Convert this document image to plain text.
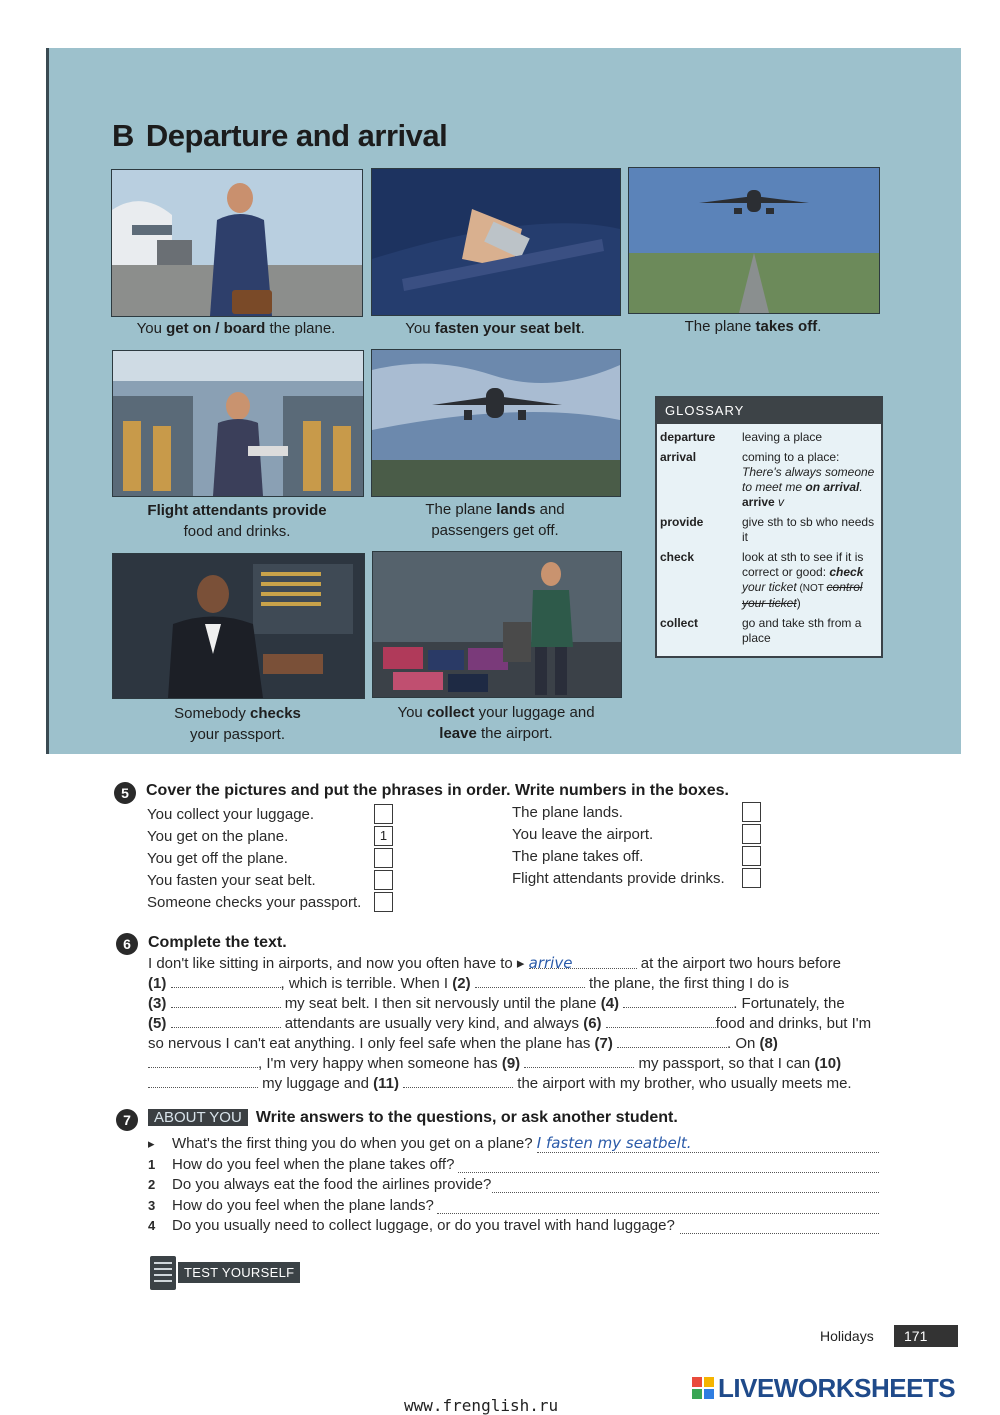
B Departure and arrival
You get on / board the plane.	You fasten your seat belt.	The plane takes off.
Flight attendants provide
food and drinks.
The plane lands and
passengers get off.
GLOSSARY
departure	leaving a place
arrival	coming to a place:
There's always someone to meet me on arrival.
arrive v
provide	give sth to sb who needs it
check	look at sth to see if it is correct or good: check your ticket (NOT control your ticket)
collect	go and take sth from a place
Somebody checks
your passport.
You collect your luggage and
leave the airport.
5	Cover the pictures and put the phrases in order. Write numbers in the boxes.
You collect your luggage.
You get on the plane.	1
You get off the plane.
You fasten your seat belt.
Someone checks your passport.
The plane lands.
You leave the airport.
The plane takes off.
Flight attendants provide drinks.
6	Complete the text.
I don't like sitting in airports, and now you often have to ▸ arrive	at the airport two hours before
(1)	, which is terrible. When I (2)	the plane, the first thing I do is
(3)	my seat belt. I then sit nervously until the plane (4)	. Fortunately, the
(5)	attendants are usually very kind, and always (6)	food and drinks, but I'm so nervous I can't eat anything. I only feel safe when the plane has (7)	. On (8) , I'm very happy when someone has (9)	my passport, so that I can (10)  my luggage and (11)	the airport with my brother, who usually meets me.
7	ABOUT YOU Write answers to the questions, or ask another student.
▸ What's the first thing you do when you get on a plane? I fasten my seatbelt.
1 How do you feel when the plane takes off?
2 Do you always eat the food the airlines provide?
3 How do you feel when the plane lands?
4 Do you usually need to collect luggage, or do you travel with hand luggage?
TEST YOURSELF
Holidays	171
www.frenglish.ru
LIVEWORKSHEETS
